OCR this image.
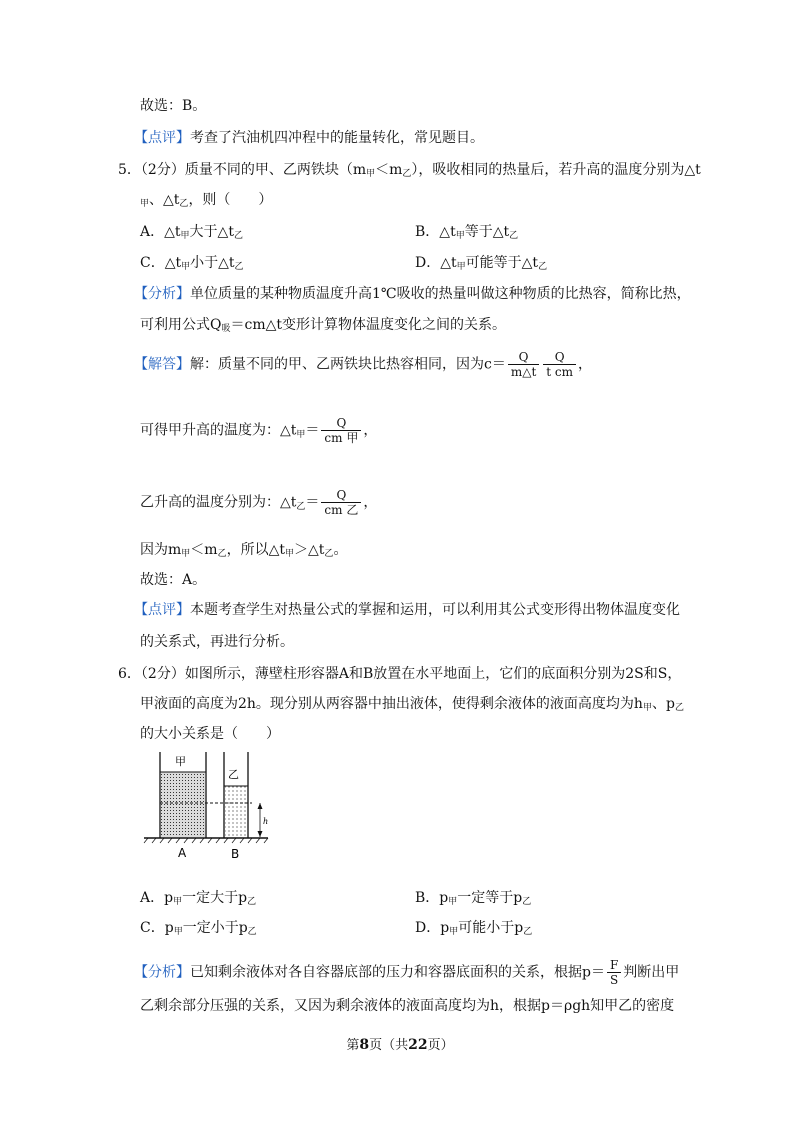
故选：B。
【点评】考查了汽油机四冲程中的能量转化，常见题目。
5．（2分）质量不同的甲、乙两铁块（m甲＜m乙），吸收相同的热量后，若升高的温度分别为△t
甲、△t乙，则（　　）
A．△t甲大于△t乙	B．△t甲等于△t乙
C．△t甲小于△t乙	D．△t甲可能等于△t乙
【分析】单位质量的某种物质温度升高1℃吸收的热量叫做这种物质的比热容，简称比热，
可利用公式Q吸＝cm△t变形计算物体温度变化之间的关系。
【解答】解：质量不同的甲、乙两铁块比热容相同，因为$c= \frac{Q}{m\triangle t} \frac{Q}{\text{t cm}}$ ，
可得甲升高的温度为：△t甲＝ $\frac{Q}{\text{cm 甲}}$ ，
乙升高的温度分别为：△t乙＝ $\frac{Q}{\text{cm 乙}}$ ，
因为m甲＜m乙，所以△t甲＞△t乙。
故选：A。
【点评】本题考查学生对热量公式的掌握和运用，可以利用其公式变形得出物体温度变化
的关系式，再进行分析。
6．（2分）如图所示，薄壁柱形容器A和B放置在水平地面上，它们的底面积分别为2S和S，
甲液面的高度为2h。现分别从两容器中抽出液体，使得剩余液体的液面高度均为h甲、p乙
的大小关系是（　　）
甲
乙
h
A	B
A．p甲一定大于p乙	B．p甲一定等于p乙
C．p甲一定小于p乙	D．p甲可能小于p乙
【分析】已知剩余液体对各自容器底部的压力和容器底面积的关系，根据$p= \frac{F}{S}$ 判断出甲
乙剩余部分压强的关系，又因为剩余液体的液面高度均为h，根据p＝ρgh知甲乙的密度
第8页（共22页）
